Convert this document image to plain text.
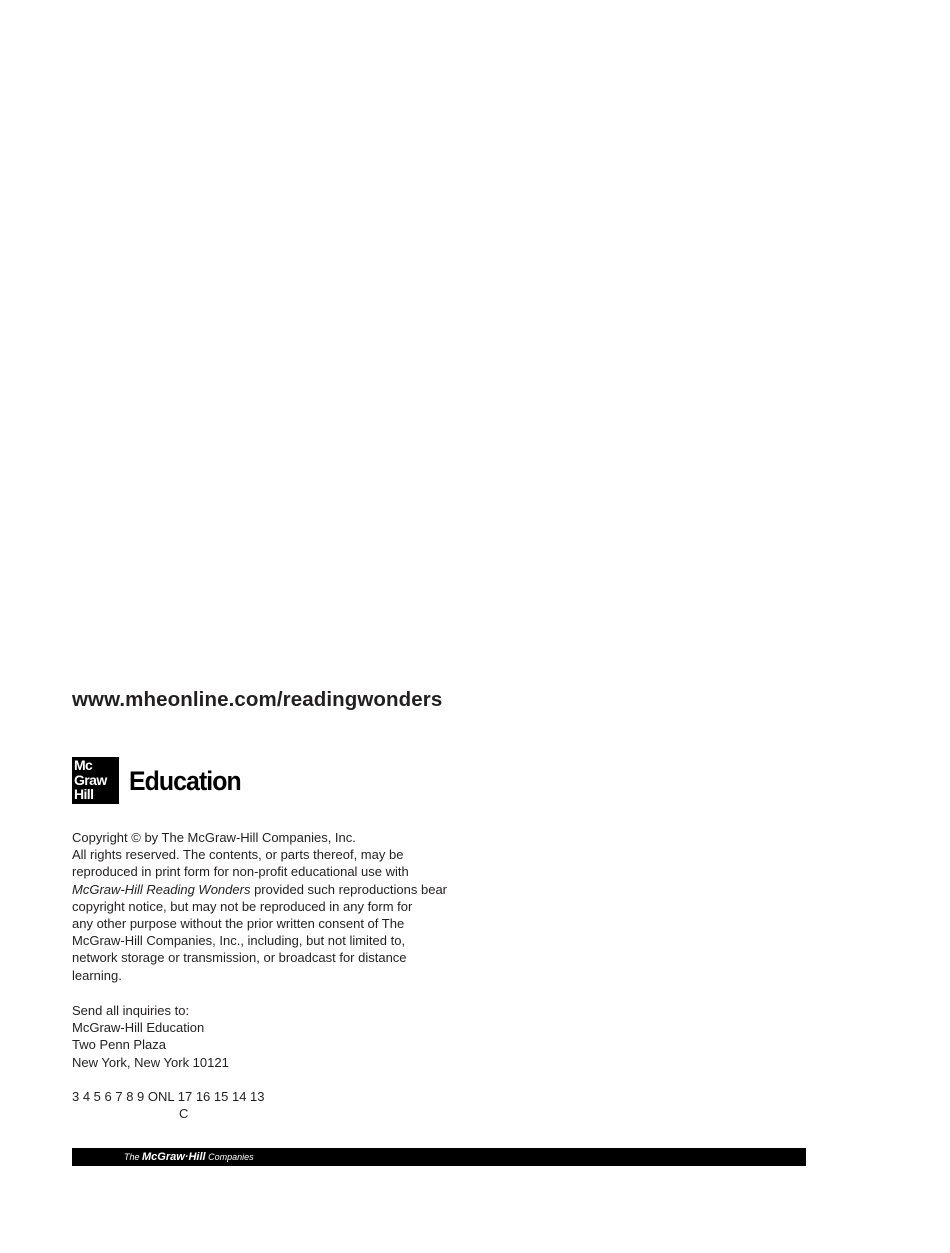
www.mheonline.com/readingwonders
Mc
Graw
Hill	Education
Copyright © by The McGraw-Hill Companies, Inc.
All rights reserved. The contents, or parts thereof, may be
reproduced in print form for non-profit educational use with
McGraw-Hill Reading Wonders provided such reproductions bear
copyright notice, but may not be reproduced in any form for
any other purpose without the prior written consent of The
McGraw-Hill Companies, Inc., including, but not limited to,
network storage or transmission, or broadcast for distance
learning.
Send all inquiries to:
McGraw-Hill Education
Two Penn Plaza
New York, New York 10121
3 4 5 6 7 8 9 ONL 17 16 15 14 13
C
The McGraw·Hill Companies
